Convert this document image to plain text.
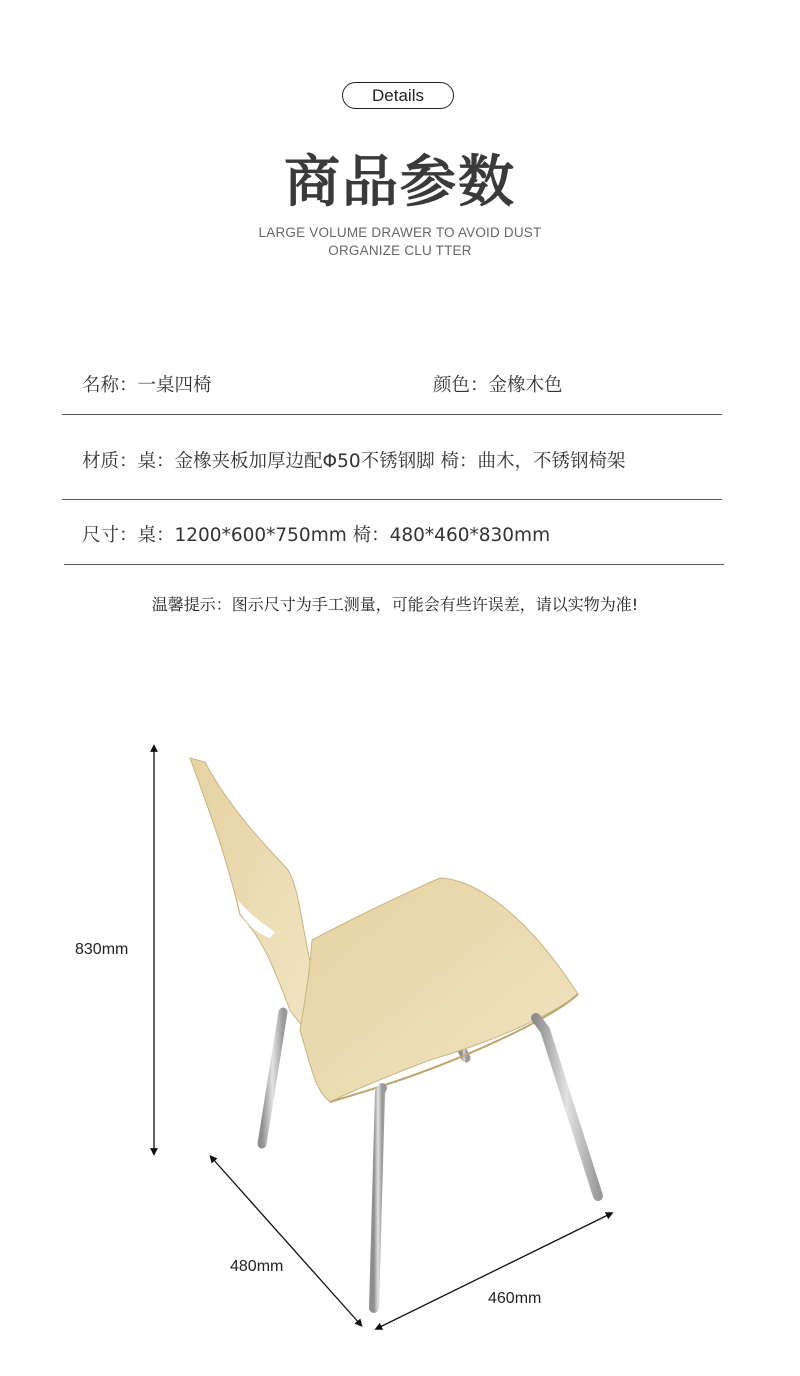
Details
商品参数
LARGE VOLUME DRAWER TO AVOID DUST
ORGANIZE CLU TTER
名称：一桌四椅	颜色：金橡木色
材质：桌：金橡夹板加厚边配Φ50不锈钢脚 椅：曲木，不锈钢椅架
尺寸：桌：1200*600*750mm 椅：480*460*830mm
温馨提示：图示尺寸为手工测量，可能会有些许误差，请以实物为准!
830mm
480mm
460mm
